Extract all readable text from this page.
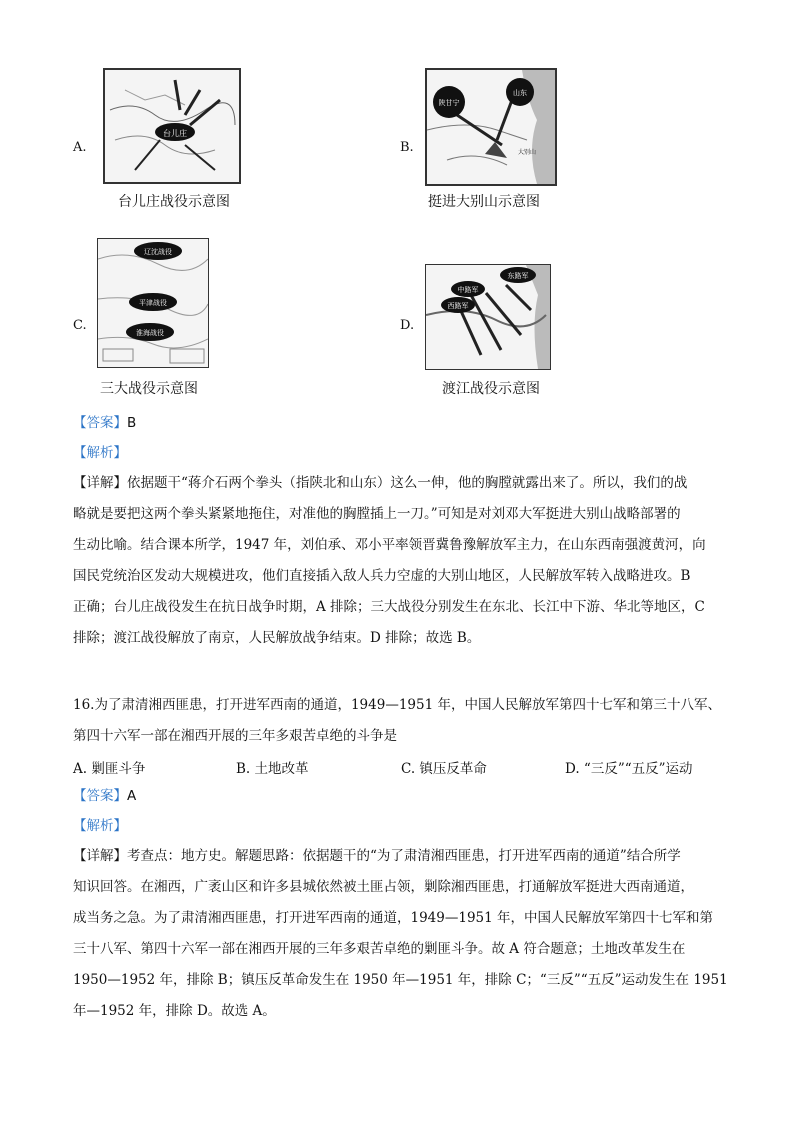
A.
台儿庄
台儿庄战役示意图
B.
陕甘宁
山东
大别山
挺进大别山示意图
C.
辽沈战役
平津战役
淮海战役
三大战役示意图
D.
东路军
中路军
西路军
渡江战役示意图
【答案】B
【解析】
【详解】依据题干“蒋介石两个拳头（指陕北和山东）这么一伸，他的胸膛就露出来了。所以，我们的战
略就是要把这两个拳头紧紧地拖住，对准他的胸膛插上一刀。”可知是对刘邓大军挺进大别山战略部署的
生动比喻。结合课本所学，1947 年，刘伯承、邓小平率领晋冀鲁豫解放军主力，在山东西南强渡黄河，向
国民党统治区发动大规模进攻，他们直接插入敌人兵力空虚的大别山地区，人民解放军转入战略进攻。B
正确；台儿庄战役发生在抗日战争时期，A 排除；三大战役分别发生在东北、长江中下游、华北等地区，C
排除；渡江战役解放了南京，人民解放战争结束。D 排除；故选 B。
16.为了肃清湘西匪患，打开进军西南的通道，1949—1951 年，中国人民解放军第四十七军和第三十八军、
第四十六军一部在湘西开展的三年多艰苦卓绝的斗争是
A. 剿匪斗争	B. 土地改革	C. 镇压反革命	D. “三反”“五反”运动
【答案】A
【解析】
【详解】考查点：地方史。解题思路：依据题干的“为了肃清湘西匪患，打开进军西南的通道”结合所学
知识回答。在湘西，广袤山区和许多县城依然被土匪占领，剿除湘西匪患，打通解放军挺进大西南通道，
成当务之急。为了肃清湘西匪患，打开进军西南的通道，1949—1951 年，中国人民解放军第四十七军和第
三十八军、第四十六军一部在湘西开展的三年多艰苦卓绝的剿匪斗争。故 A 符合题意；土地改革发生在
1950—1952 年，排除 B；镇压反革命发生在 1950 年—1951 年，排除 C；“三反”“五反”运动发生在 1951
年—1952 年，排除 D。故选 A。
